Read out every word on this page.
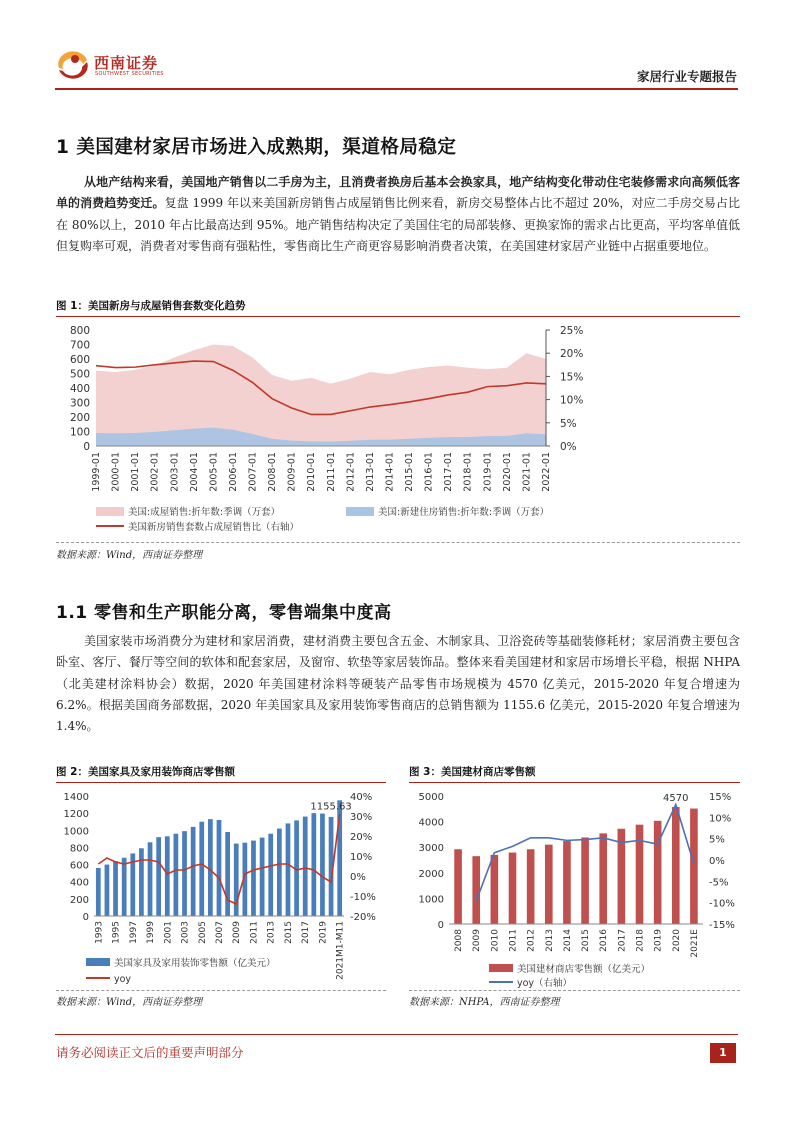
西南证券
SOUTHWEST SECURITIES	家居行业专题报告
1 美国建材家居市场进入成熟期，渠道格局稳定
从地产结构来看，美国地产销售以二手房为主，且消费者换房后基本会换家具，地产结构变化带动住宅装修需求向高频低客单的消费趋势变迁。复盘 1999 年以来美国新房销售占成屋销售比例来看，新房交易整体占比不超过 20%，对应二手房交易占比在 80%以上，2010 年占比最高达到 95%。地产销售结构决定了美国住宅的局部装修、更换家饰的需求占比更高，平均客单值低但复购率可观，消费者对零售商有强粘性，零售商比生产商更容易影响消费者决策，在美国建材家居产业链中占据重要地位。
图 1：美国新房与成屋销售套数变化趋势
0
100
200
300
400
500
600
700
800
0%
5%
10%
15%
20%
25%
1999-01 2000-01 2001-01 2002-01 2003-01 2004-01 2005-01 2006-01 2007-01 2008-01 2009-01 2010-01 2011-01 2012-01 2013-01 2014-01 2015-01 2016-01 2017-01 2018-01 2019-01 2020-01 2021-01 2022-01
美国:成屋销售:折年数:季调（万套）	美国:新建住房销售:折年数:季调（万套）
美国新房销售套数占成屋销售比（右轴）
数据来源：Wind，西南证券整理
1.1 零售和生产职能分离，零售端集中度高
美国家装市场消费分为建材和家居消费，建材消费主要包含五金、木制家具、卫浴瓷砖等基础装修耗材；家居消费主要包含卧室、客厅、餐厅等空间的软体和配套家居，及窗帘、软垫等家居装饰品。整体来看美国建材和家居市场增长平稳，根据 NHPA（北美建材涂料协会）数据，2020 年美国建材涂料等硬装产品零售市场规模为 4570 亿美元，2015-2020 年复合增速为 6.2%。根据美国商务部数据，2020 年美国家具及家用装饰零售商店的总销售额为 1155.6 亿美元，2015-2020 年复合增速为 1.4%。
图 2：美国家具及家用装饰商店零售额
0
200
400
600
800
1000
1200
1400
-20%
-10%
0%
10%
20%
30%
40%
1155.63
1993 1995 1997 1999 2001 2003 2005 2007 2009 2011 2013 2015 2017 2019 2021M1-M11
美国家具及家用装饰零售额（亿美元）
yoy
数据来源：Wind，西南证券整理
图 3：美国建材商店零售额
0
1000
2000
3000
4000
5000
-15%
-10%
-5%
0%
5%
10%
15%
4570
2008 2009 2010 2011 2012 2013 2014 2015 2016 2017 2018 2019 2020 2021E
美国建材商店零售额（亿美元）
yoy（右轴）
数据来源：NHPA，西南证券整理
请务必阅读正文后的重要声明部分	1
